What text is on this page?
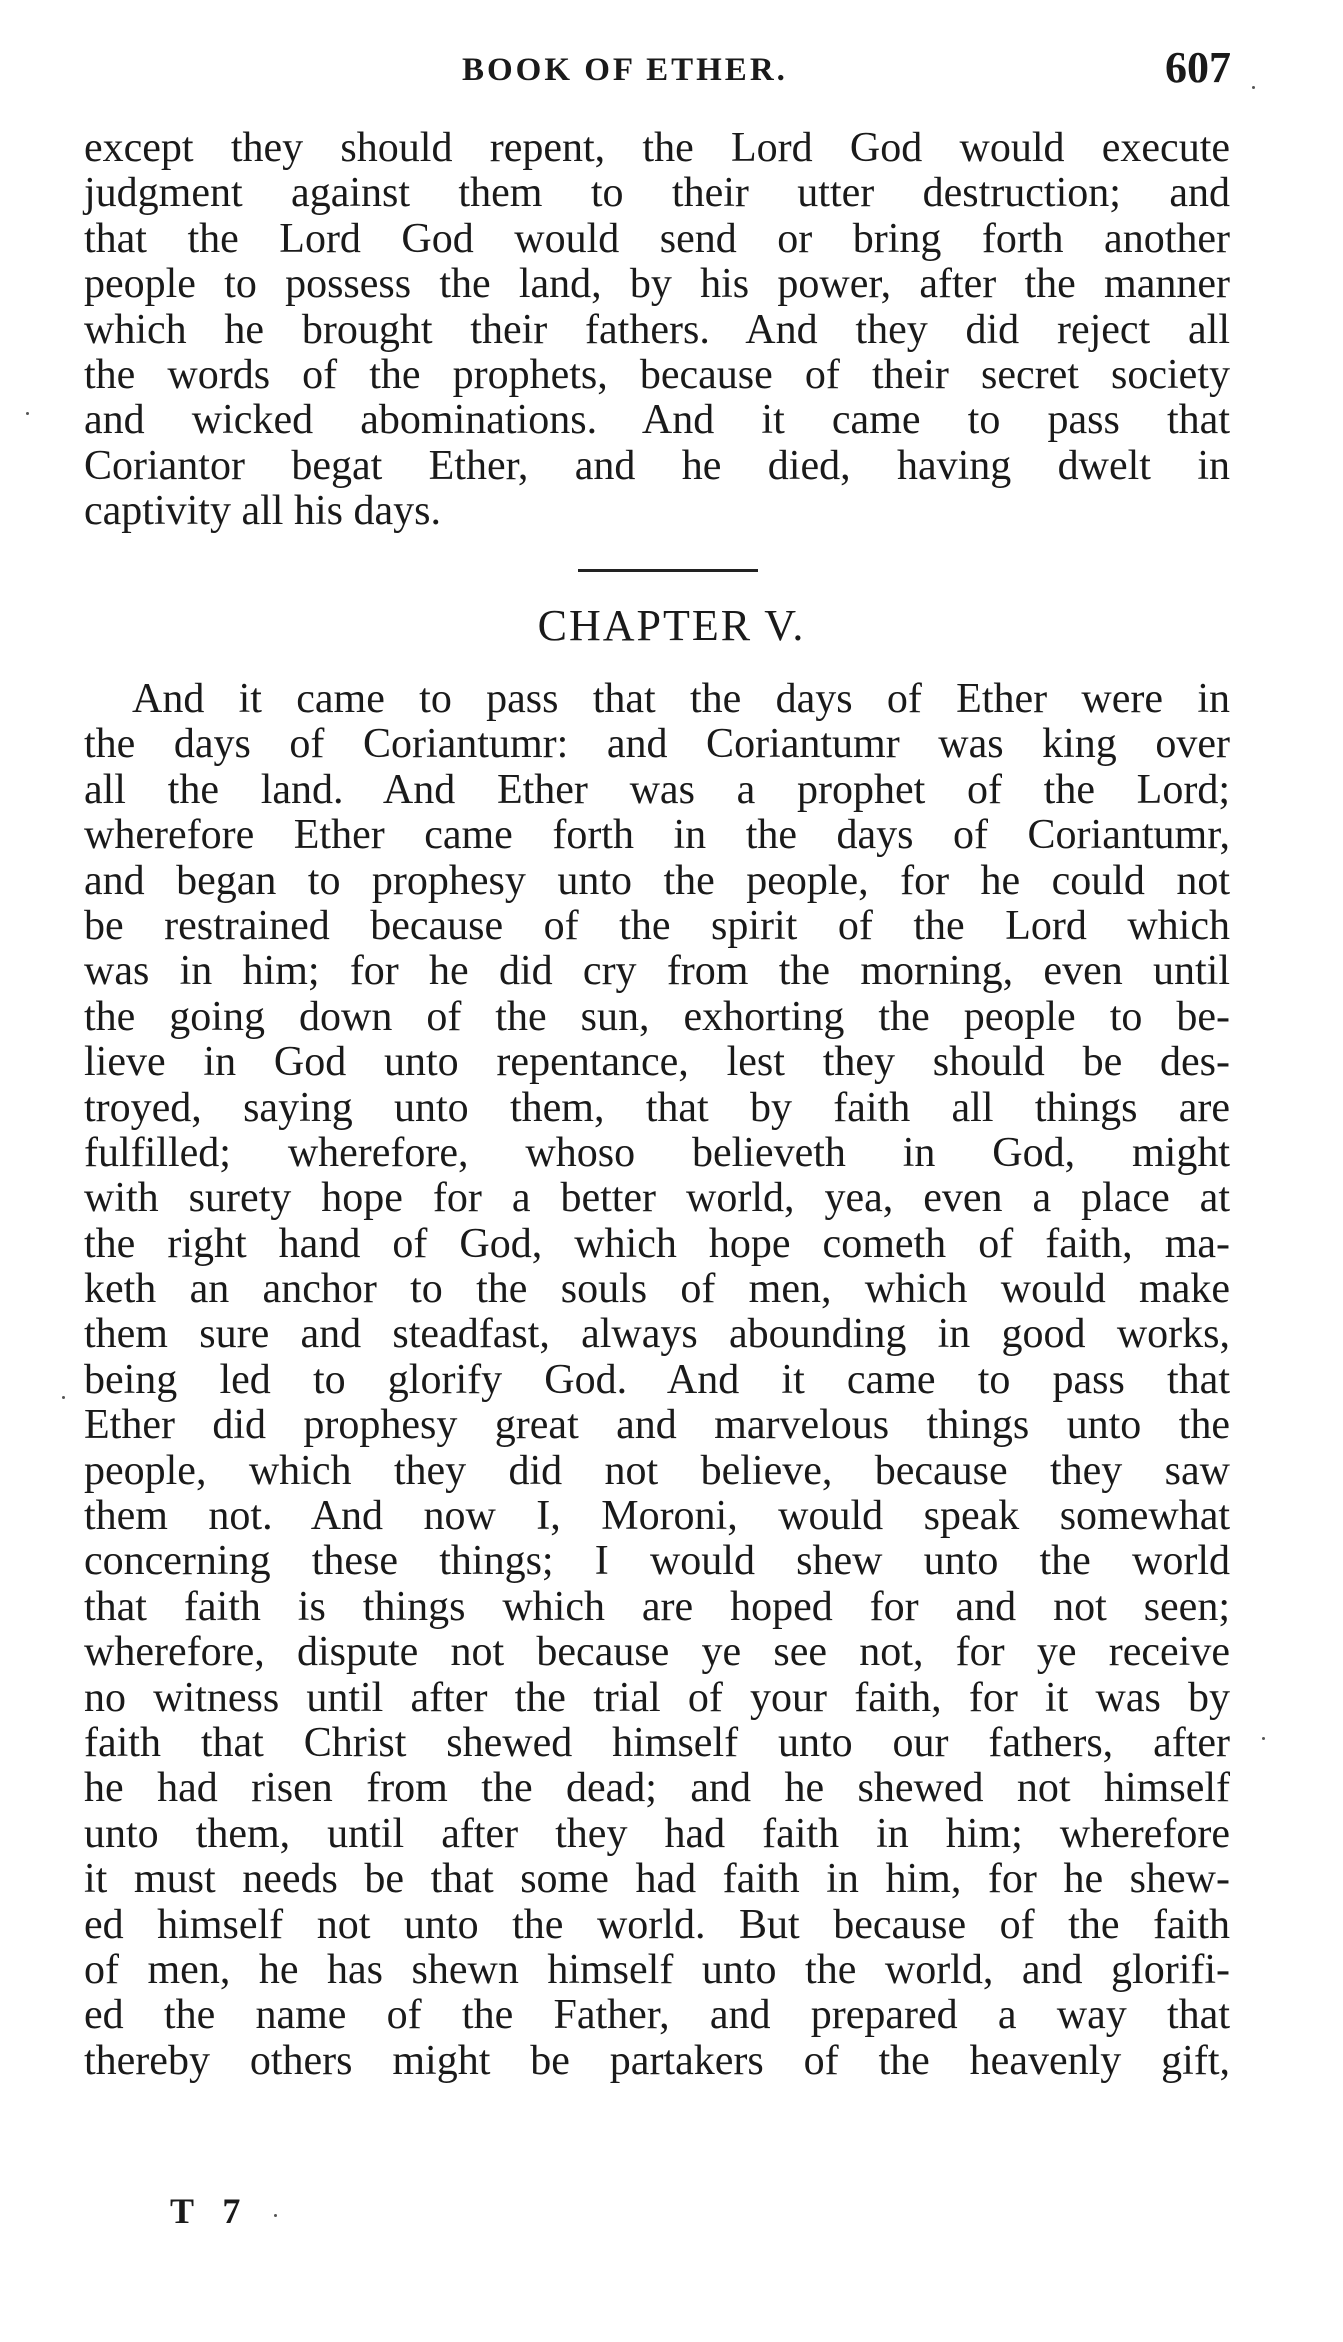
BOOK OF ETHER.	607
except they should repent, the Lord God would execute
judgment against them to their utter destruction; and
that the Lord God would send or bring forth another
people to possess the land, by his power, after the manner
which he brought their fathers. And they did reject all
the words of the prophets, because of their secret society
and wicked abominations. And it came to pass that
Coriantor begat Ether, and he died, having dwelt in
captivity all his days.
CHAPTER V.
And it came to pass that the days of Ether were in
the days of Coriantumr: and Coriantumr was king over
all the land. And Ether was a prophet of the Lord;
wherefore Ether came forth in the days of Coriantumr,
and began to prophesy unto the people, for he could not
be restrained because of the spirit of the Lord which
was in him; for he did cry from the morning, even until
the going down of the sun, exhorting the people to be-
lieve in God unto repentance, lest they should be des-
troyed, saying unto them, that by faith all things are
fulfilled; wherefore, whoso believeth in God, might
with surety hope for a better world, yea, even a place at
the right hand of God, which hope cometh of faith, ma-
keth an anchor to the souls of men, which would make
them sure and steadfast, always abounding in good works,
being led to glorify God. And it came to pass that
Ether did prophesy great and marvelous things unto the
people, which they did not believe, because they saw
them not. And now I, Moroni, would speak somewhat
concerning these things; I would shew unto the world
that faith is things which are hoped for and not seen;
wherefore, dispute not because ye see not, for ye receive
no witness until after the trial of your faith, for it was by
faith that Christ shewed himself unto our fathers, after
he had risen from the dead; and he shewed not himself
unto them, until after they had faith in him; wherefore
it must needs be that some had faith in him, for he shew-
ed himself not unto the world. But because of the faith
of men, he has shewn himself unto the world, and glorifi-
ed the name of the Father, and prepared a way that
thereby others might be partakers of the heavenly gift,
T 7
